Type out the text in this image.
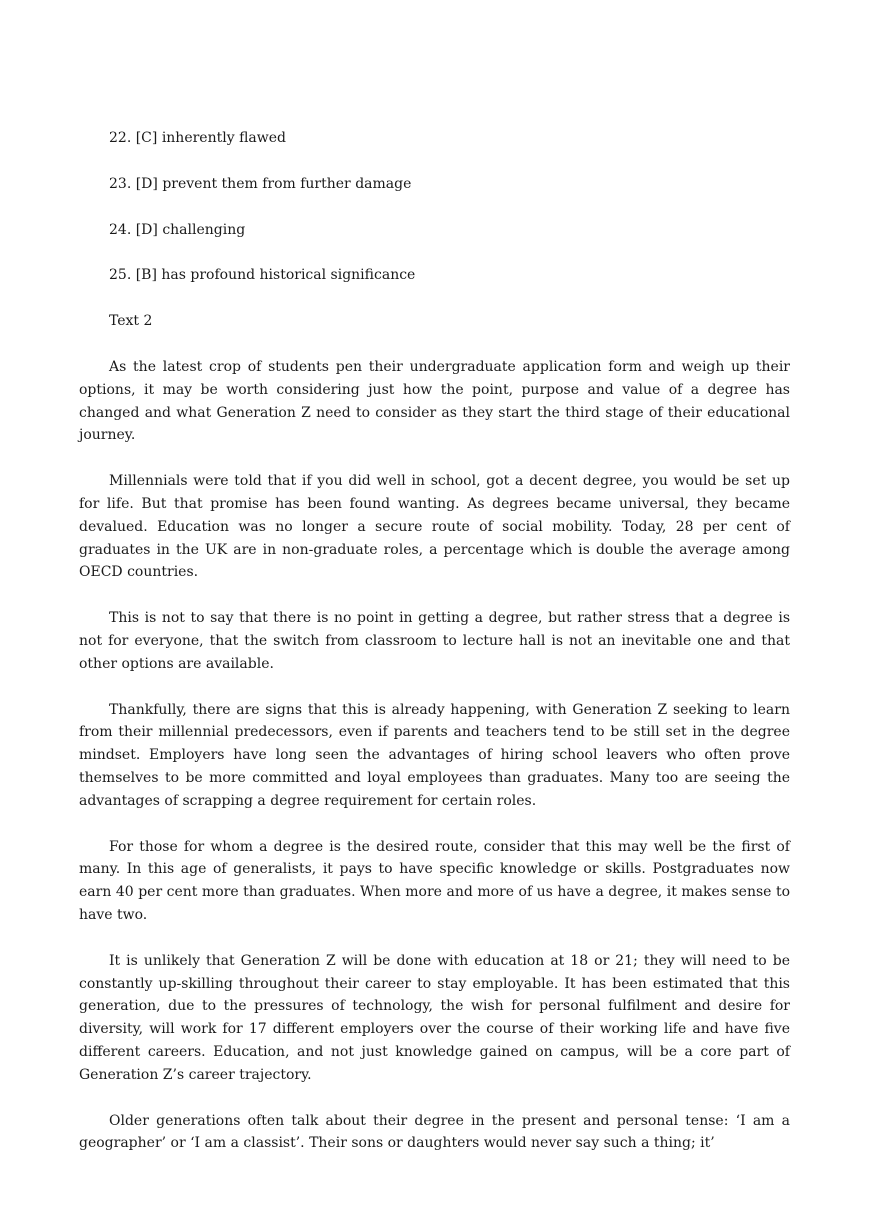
22. [C] inherently flawed
23. [D] prevent them from further damage
24. [D] challenging
25. [B] has profound historical significance
Text 2

As the latest crop of students pen their undergraduate application form and weigh up their options, it may be worth considering just how the point, purpose and value of a degree has changed and what Generation Z need to consider as they start the third stage of their educational journey.

Millennials were told that if you did well in school, got a decent degree, you would be set up for life. But that promise has been found wanting. As degrees became universal, they became devalued. Education was no longer a secure route of social mobility. Today, 28 per cent of graduates in the UK are in non-graduate roles, a percentage which is double the average among OECD countries.

This is not to say that there is no point in getting a degree, but rather stress that a degree is not for everyone, that the switch from classroom to lecture hall is not an inevitable one and that other options are available.

Thankfully, there are signs that this is already happening, with Generation Z seeking to learn from their millennial predecessors, even if parents and teachers tend to be still set in the degree mindset. Employers have long seen the advantages of hiring school leavers who often prove themselves to be more committed and loyal employees than graduates. Many too are seeing the advantages of scrapping a degree requirement for certain roles.

For those for whom a degree is the desired route, consider that this may well be the first of many. In this age of generalists, it pays to have specific knowledge or skills. Postgraduates now earn 40 per cent more than graduates. When more and more of us have a degree, it makes sense to have two.

It is unlikely that Generation Z will be done with education at 18 or 21; they will need to be constantly up-skilling throughout their career to stay employable. It has been estimated that this generation, due to the pressures of technology, the wish for personal fulfilment and desire for diversity, will work for 17 different employers over the course of their working life and have five different careers. Education, and not just knowledge gained on campus, will be a core part of Generation Z’s career trajectory.

Older generations often talk about their degree in the present and personal tense: ‘I am a geographer’ or ‘I am a classist’. Their sons or daughters would never say such a thing; it’
